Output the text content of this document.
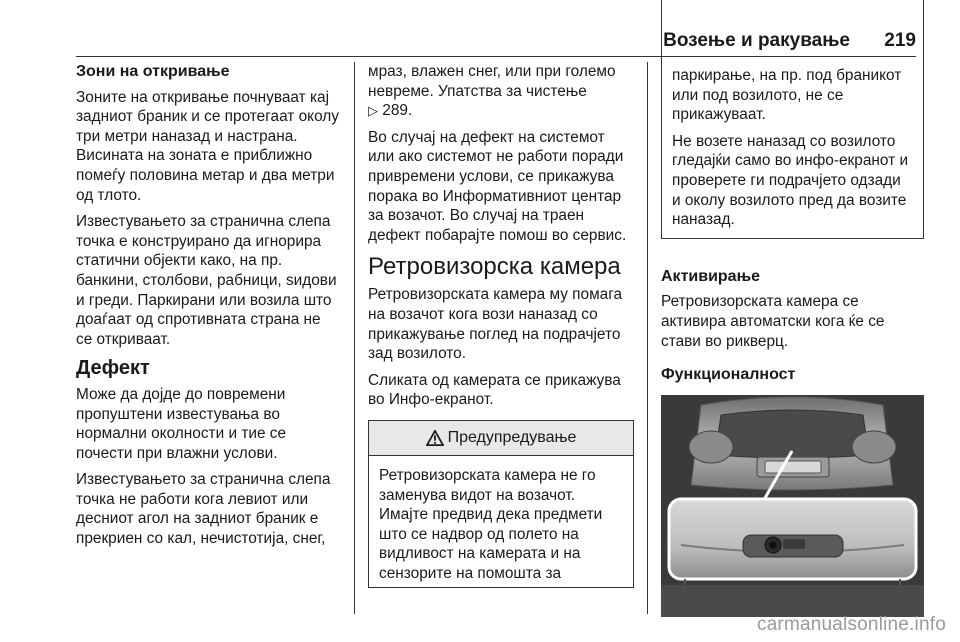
Возење и ракување 219
Зони на откривање

Зоните на откривање почнуваат кај задниот браник и се протегаат околу три метри наназад и настрана. Висината на зоната е приближно помеѓу половина метар и два метри од тлото.

Известувањето за странична слепа точка е конструирано да игнорира статични објекти како, на пр. банкини, столбови, рабници, ѕидови и греди. Паркирани или возила што доаѓаат од спротивната страна не се откриваат.

Дефект

Може да дојде до повремени пропуштени известувања во нормални околности и тие се почести при влажни услови.

Известувањето за странична слепа точка не работи кога левиот или десниот агол на задниот браник е прекриен со кал, нечистотија, снег,

мраз, влажен снег, или при големо невреме. Упатства за чистење
▷ 289.

Во случај на дефект на системот или ако системот не работи поради привремени услови, се прикажува порака во Информативниот центар за возачот. Во случај на траен дефект побарајте помош во сервис.

Ретровизорска камера

Ретровизорската камера му помага на возачот кога вози наназад со прикажување поглед на подрачјето зад возилото.

Сликата од камерата се прикажува во Инфо-екранот.

Предупредување
Ретровизорската камера не го заменува видот на возачот. Имајте предвид дека предмети што се надвор од полето на видливост на камерата и на сензорите на помошта за

паркирање, на пр. под браникот или под возилото, не се прикажуваат.

Не возете наназад со возилото гледајќи само во инфо-екранот и проверете ги подрачјето одзади и околу возилото пред да возите наназад.

Активирање

Ретровизорската камера се активира автоматски кога ќе се стави во рикверц.

Функционалност
carmanualsonline.info
